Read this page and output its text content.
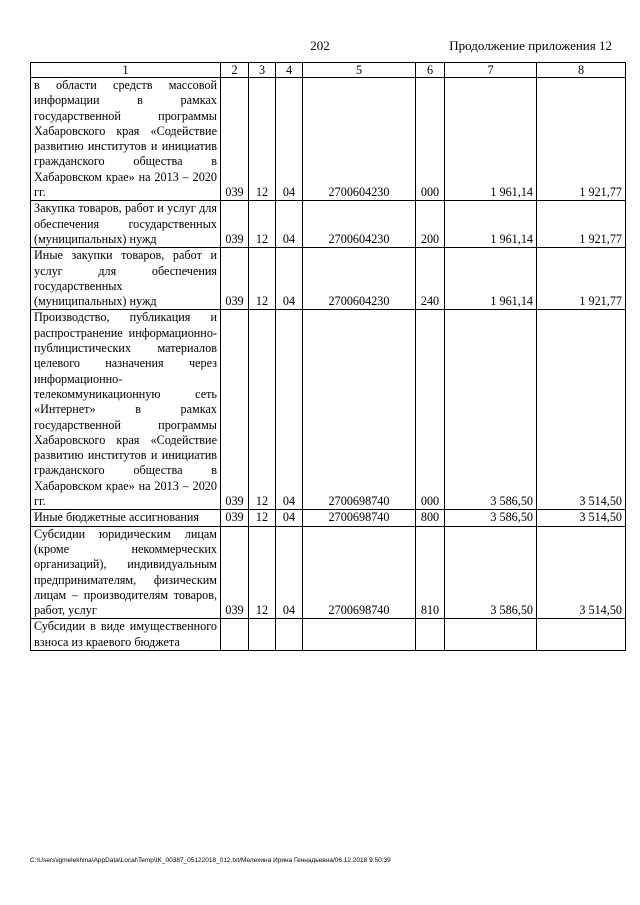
202	Продолжение приложения 12
1	2	3	4	5	6	7	8
в области средств массовой информации в рамках государственной программы Хабаровского края «Содействие развитию институтов и инициатив гражданского общества в Хабаровском крае» на 2013 – 2020 гг.	039	12	04	2700604230	000	1 961,14	1 921,77
Закупка товаров, работ и услуг для обеспечения государственных (муниципальных) нужд	039	12	04	2700604230	200	1 961,14	1 921,77
Иные закупки товаров, работ и услуг для обеспечения государственных (муниципальных) нужд	039	12	04	2700604230	240	1 961,14	1 921,77
Производство, публикация и распространение информационно-публицистических материалов целевого назначения через информационно-телекоммуникационную сеть «Интернет» в рамках государственной программы Хабаровского края «Содействие развитию институтов и инициатив гражданского общества в Хабаровском крае» на 2013 – 2020 гг.	039	12	04	2700698740	000	3 586,50	3 514,50
Иные бюджетные ассигнования	039	12	04	2700698740	800	3 586,50	3 514,50
Субсидии юридическим лицам (кроме некоммерческих организаций), индивидуальным предпринимателям, физическим лицам – производителям товаров, работ, услуг	039	12	04	2700698740	810	3 586,50	3 514,50
Субсидии в виде имущественного взноса из краевого бюджета							
C:\Users\igmelekhina\AppData\Local\Temp\IK_00387_05122018_012.txt/Мелехина Ирина Геннадьевна/06.12.2018 9:50:39
